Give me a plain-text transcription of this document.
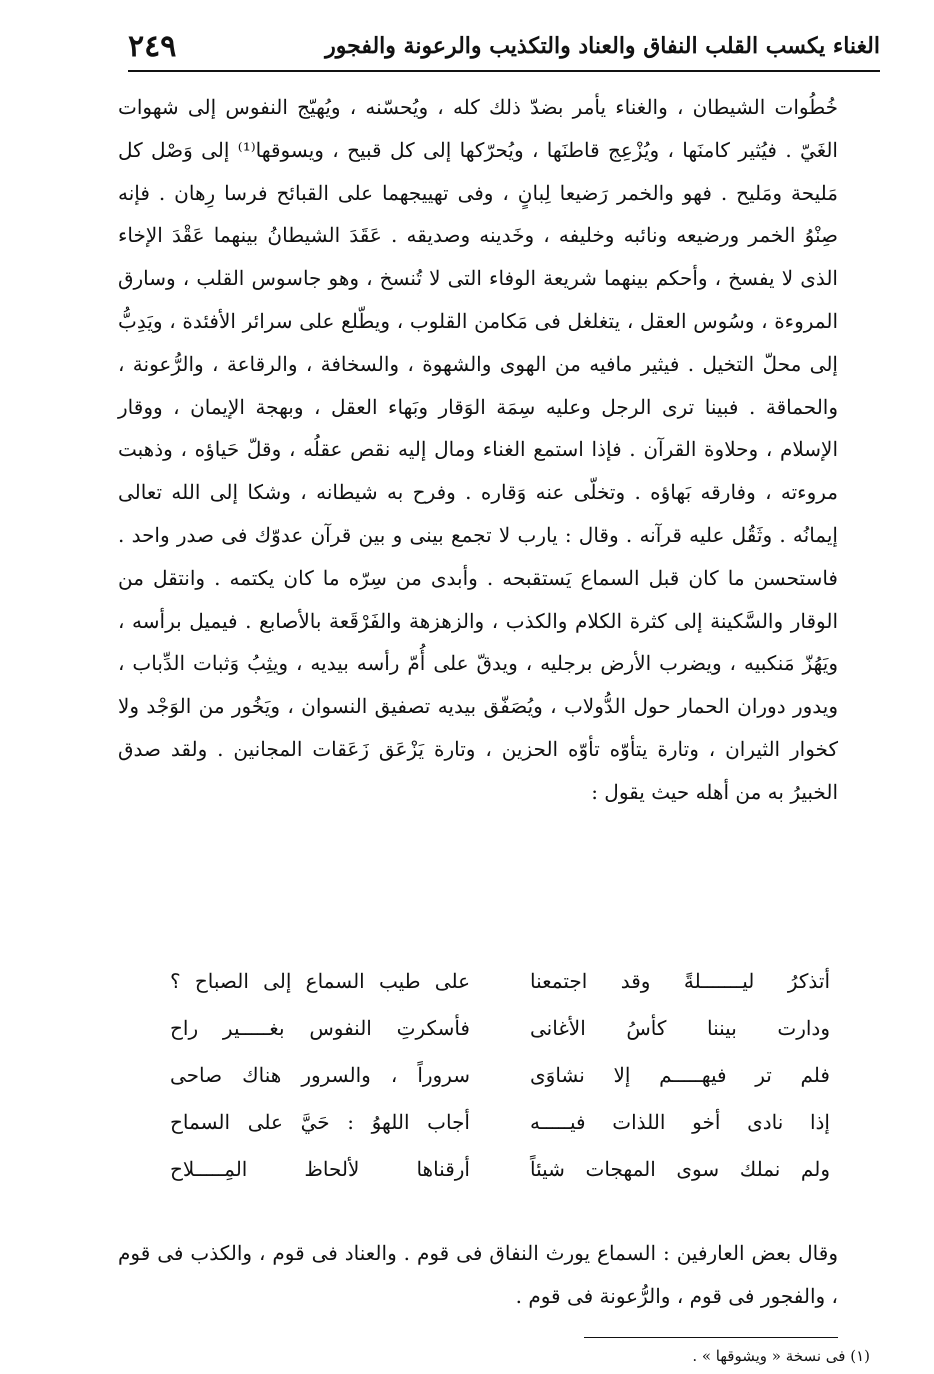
الغناء يكسب القلب النفاق والعناد والتكذيب والرعونة والفجور
٢٤٩

خُطُوات الشيطان ، والغناء يأمر بضدّ ذلك كله ، ويُحسّنه ، ويُهيّج النفوس إلى شهوات الغَيّ . فيُثير كامنَها ، ويُزْعِج قاطنَها ، ويُحرّكها إلى كل قبيح ، ويسوقها⁽¹⁾ إلى وَصْل كل مَليحة ومَليح . فهو والخمر رَضيعا لِبانٍ ، وفى تهييجهما على القبائح فرسا رِهان . فإنه صِنْوُ الخمر ورضيعه ونائبه وخليفه ، وخَدينه وصديقه . عَقَدَ الشيطانُ بينهما عَقْدَ الإخاء الذى لا يفسخ ، وأحكم بينهما شريعة الوفاء التى لا تُنسخ ، وهو جاسوس القلب ، وسارق المروءة ، وسُوس العقل ، يتغلغل فى مَكامن القلوب ، ويطّلع على سرائر الأفئدة ، ويَدِبُّ إلى محلّ التخيل . فيثير مافيه من الهوى والشهوة ، والسخافة ، والرقاعة ، والرُّعونة ، والحماقة . فبينا ترى الرجل وعليه سِمَة الوَقار وبَهاء العقل ، وبهجة الإيمان ، ووقار الإسلام ، وحلاوة القرآن . فإذا استمع الغناء ومال إليه نقص عقلُه ، وقلّ حَياؤه ، وذهبت مروءته ، وفارقه بَهاؤه . وتخلّى عنه وَقاره . وفرح به شيطانه ، وشكا إلى الله تعالى إيمانُه . وثَقُل عليه قرآنه . وقال : يارب لا تجمع بينى و بين قرآن عدوّك فى صدر واحد . فاستحسن ما كان قبل السماع يَستقبحه . وأبدى من سِرّه ما كان يكتمه . وانتقل من الوقار والسَّكينة إلى كثرة الكلام والكذب ، والزهزهة والفَرْقَعة بالأصابع . فيميل برأسه ، ويَهُزّ مَنكبيه ، ويضرب الأرض برجليه ، ويدقّ على أُمّ رأسه بيديه ، ويثِبُ وَثبات الدِّباب ، ويدور دوران الحمار حول الدُّولاب ، ويُصَفّق بيديه تصفيق النسوان ، ويَخُور من الوَجْد ولا كخوار الثيران ، وتارة يتأوّه تأوّه الحزين ، وتارة يَزْعَق زَعَقات المجانين . ولقد صدق الخبيرُ به من أهله حيث يقول :

أتذكرُ ليـــــــلةً وقد اجتمعنا
على طيب السماع إلى الصباح ؟
ودارت بيننا كأسُ الأغانى
فأسكرتِ النفوس بغـــــير راح
فلم تر فيهـــــم إلا نشاوَى
سروراً ، والسرور هناك صاحى
إذا نادى أخو اللذات فيـــــه
أجاب اللهوُ : حَيَّ على السماح
ولم نملك سوى المهجات شيئاً
أرقناها لألحاظ المِـــــلاح

وقال بعض العارفين : السماع يورث النفاق فى قوم . والعناد فى قوم ، والكذب فى قوم ، والفجور فى قوم ، والرُّعونة فى قوم .

(١) فى نسخة « ويشوقها » .
